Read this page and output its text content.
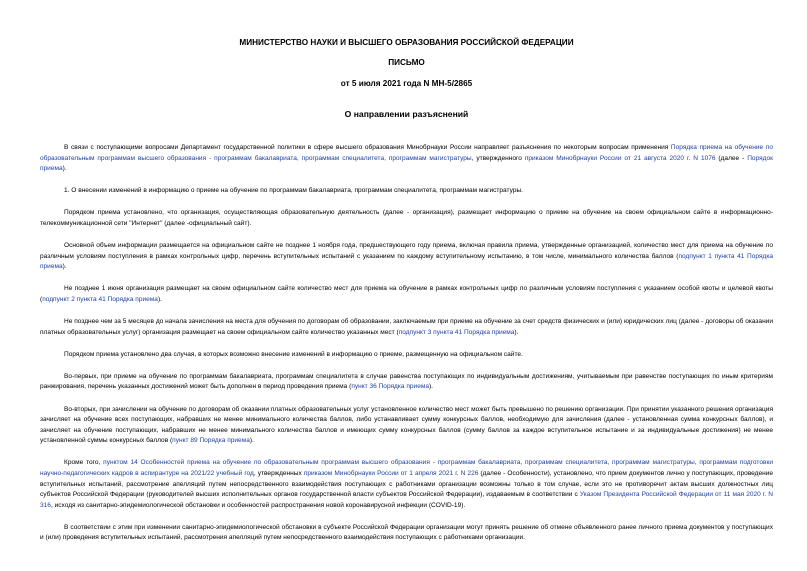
МИНИСТЕРСТВО НАУКИ И ВЫСШЕГО ОБРАЗОВАНИЯ РОССИЙСКОЙ ФЕДЕРАЦИИ
ПИСЬМО
от 5 июля 2021 года N МН-5/2865
О направлении разъяснений

В связи с поступающими вопросами Департамент государственной политики в сфере высшего образования Минобрнауки России направляет разъяснения по некоторым вопросам применения Порядка приема на обучение по образовательным программам высшего образования - программам бакалавриата, программам специалитета, программам магистратуры, утвержденного приказом Минобрнауки России от 21 августа 2020 г. N 1076 (далее - Порядок приема).

1. О внесении изменений в информацию о приеме на обучение по программам бакалавриата, программам специалитета, программам магистратуры.

Порядком приема установлено, что организация, осуществляющая образовательную деятельность (далее - организация), размещает информацию о приеме на обучение на своем официальном сайте в информационно-телекоммуникационной сети "Интернет" (далее -официальный сайт).

Основной объем информации размещается на официальном сайте не позднее 1 ноября года, предшествующего году приема, включая правила приема, утвержденные организацией, количество мест для приема на обучение по различным условиям поступления в рамках контрольных цифр, перечень вступительных испытаний с указанием по каждому вступительному испытанию, в том числе, минимального количества баллов (подпункт 1 пункта 41 Порядка приема).

Не позднее 1 июня организация размещает на своем официальном сайте количество мест для приема на обучение в рамках контрольных цифр по различным условиям поступления с указанием особой квоты и целевой квоты (подпункт 2 пункта 41 Порядка приема).

Не позднее чем за 5 месяцев до начала зачисления на места для обучения по договорам об образовании, заключаемым при приеме на обучение за счет средств физических и (или) юридических лиц (далее - договоры об оказании платных образовательных услуг) организация размещает на своем официальном сайте количество указанных мест (подпункт 3 пункта 41 Порядка приема).

Порядком приема установлено два случая, в которых возможно внесение изменений в информацию о приеме, размещенную на официальном сайте.

Во-первых, при приеме на обучение по программам бакалавриата, программам специалитета в случае равенства поступающих по индивидуальным достижениям, учитываемым при равенстве поступающих по иным критериям ранжирования, перечень указанных достижений может быть дополнен в период проведения приема (пункт 36 Порядка приема).

Во-вторых, при зачислении на обучение по договорам об оказании платных образовательных услуг установленное количество мест может быть превышено по решению организации. При принятии указанного решения организация зачисляет на обучение всех поступающих, набравших не менее минимального количества баллов, либо устанавливает сумму конкурсных баллов, необходимую для зачисления (далее - установленная сумма конкурсных баллов), и зачисляет на обучение поступающих, набравших не менее минимального количества баллов и имеющих сумму конкурсных баллов (сумму баллов за каждое вступительное испытание и за индивидуальные достижения) не менее установленной суммы конкурсных баллов (пункт 89 Порядка приема).

Кроме того, пунктом 14 Особенностей приема на обучение по образовательным программам высшего образования - программам бакалавриата, программам специалитета, программам магистратуры, программам подготовки научно-педагогических кадров в аспирантуре на 2021/22 учебный год, утвержденных приказом Минобрнауки России от 1 апреля 2021 г. N 226 (далее - Особенности), установлено, что прием документов лично у поступающих, проведение вступительных испытаний, рассмотрение апелляций путем непосредственного взаимодействия поступающих с работниками организации возможны только в том случае, если это не противоречит актам высших должностных лиц субъектов Российской Федерации (руководителей высших исполнительных органов государственной власти субъектов Российской Федерации), издаваемым в соответствии с Указом Президента Российской Федерации от 11 мая 2020 г. N 316, исходя из санитарно-эпидемиологической обстановки и особенностей распространения новой коронавирусной инфекции (COVID-19).

В соответствии с этим при изменении санитарно-эпидемиологической обстановки в субъекте Российской Федерации организации могут принять решение об отмене объявленного ранее личного приема документов у поступающих и (или) проведения вступительных испытаний, рассмотрения апелляций путем непосредственного взаимодействия поступающих с работниками организации.
